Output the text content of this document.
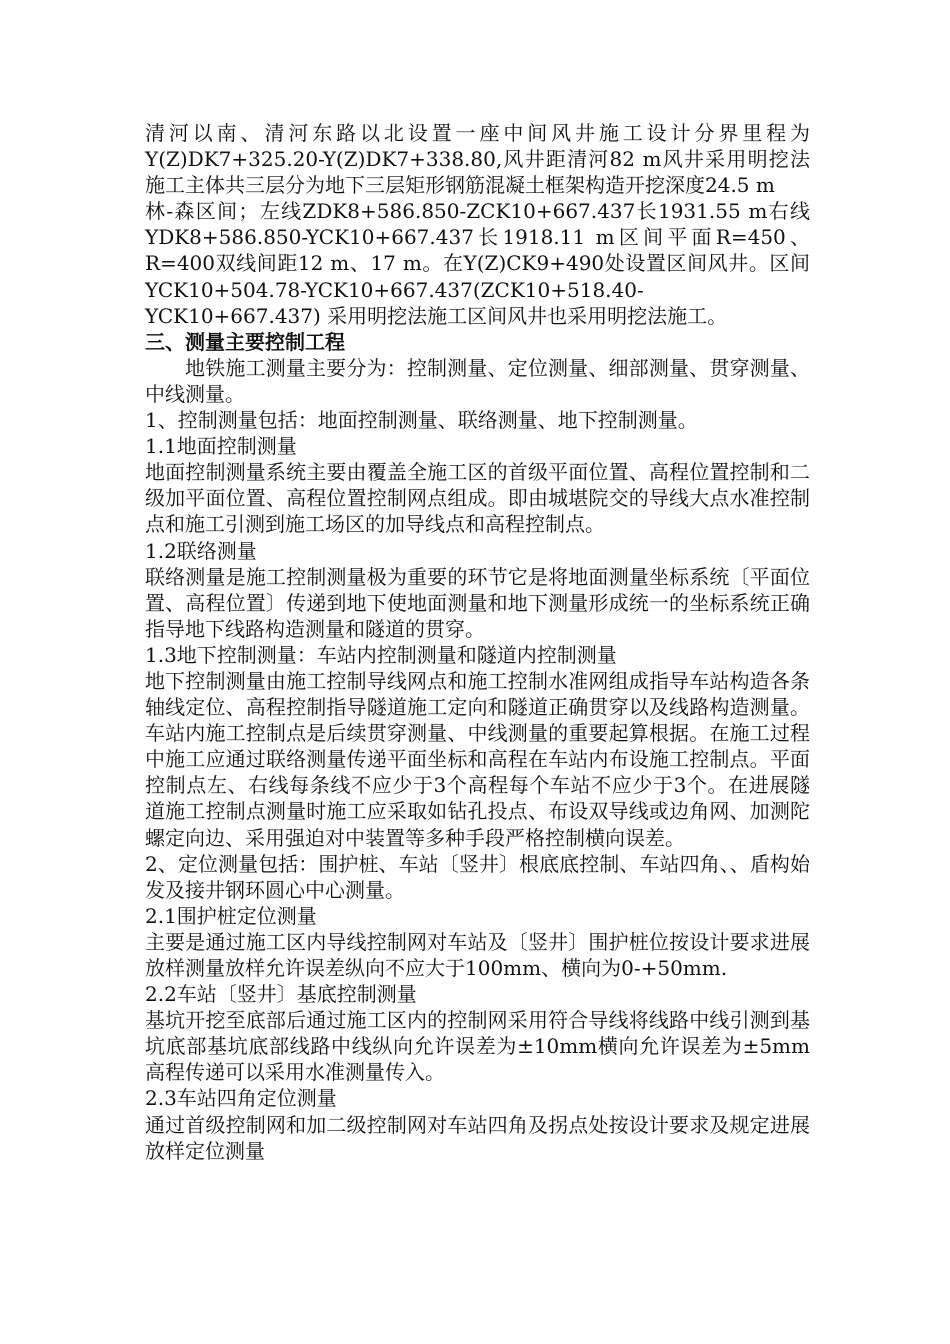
清河以南、清河东路以北设置一座中间风井施工设计分界里程为Y(Z)DK7+325.20-Y(Z)DK7+338.80,风井距清河82 m风井采用明挖法施工主体共三层分为地下三层矩形钢筋混凝土框架构造开挖深度24.5 m

林-森区间；左线ZDK8+586.850-ZCK10+667.437长1931.55 m右线YDK8+586.850-YCK10+667.437长1918.11 m区间平面R=450、R=400双线间距12 m、17 m。在Y(Z)CK9+490处设置区间风井。区间YCK10+504.78-YCK10+667.437(ZCK10+518.40-YCK10+667.437) 采用明挖法施工区间风井也采用明挖法施工。

三、测量主要控制工程

地铁施工测量主要分为：控制测量、定位测量、细部测量、贯穿测量、中线测量。

1、控制测量包括：地面控制测量、联络测量、地下控制测量。

1.1地面控制测量

地面控制测量系统主要由覆盖全施工区的首级平面位置、高程位置控制和二级加平面位置、高程位置控制网点组成。即由城堪院交的导线大点水准控制点和施工引测到施工场区的加导线点和高程控制点。

1.2联络测量

联络测量是施工控制测量极为重要的环节它是将地面测量坐标系统〔平面位置、高程位置〕传递到地下使地面测量和地下测量形成统一的坐标系统正确指导地下线路构造测量和隧道的贯穿。

1.3地下控制测量：车站内控制测量和隧道内控制测量

地下控制测量由施工控制导线网点和施工控制水准网组成指导车站构造各条轴线定位、高程控制指导隧道施工定向和隧道正确贯穿以及线路构造测量。车站内施工控制点是后续贯穿测量、中线测量的重要起算根据。在施工过程中施工应通过联络测量传递平面坐标和高程在车站内布设施工控制点。平面控制点左、右线每条线不应少于3个高程每个车站不应少于3个。在进展隧道施工控制点测量时施工应采取如钻孔投点、布设双导线或边角网、加测陀螺定向边、采用强迫对中装置等多种手段严格控制横向误差。

2、定位测量包括：围护桩、车站〔竖井〕根底底控制、车站四角、、盾构始发及接井钢环圆心中心测量。

2.1围护桩定位测量

主要是通过施工区内导线控制网对车站及〔竖井〕围护桩位按设计要求进展放样测量放样允许误差纵向不应大于100mm、横向为0-+50mm.

2.2车站〔竖井〕基底控制测量

基坑开挖至底部后通过施工区内的控制网采用符合导线将线路中线引测到基坑底部基坑底部线路中线纵向允许误差为±10mm横向允许误差为±5mm高程传递可以采用水准测量传入。

2.3车站四角定位测量

通过首级控制网和加二级控制网对车站四角及拐点处按设计要求及规定进展放样定位测量
